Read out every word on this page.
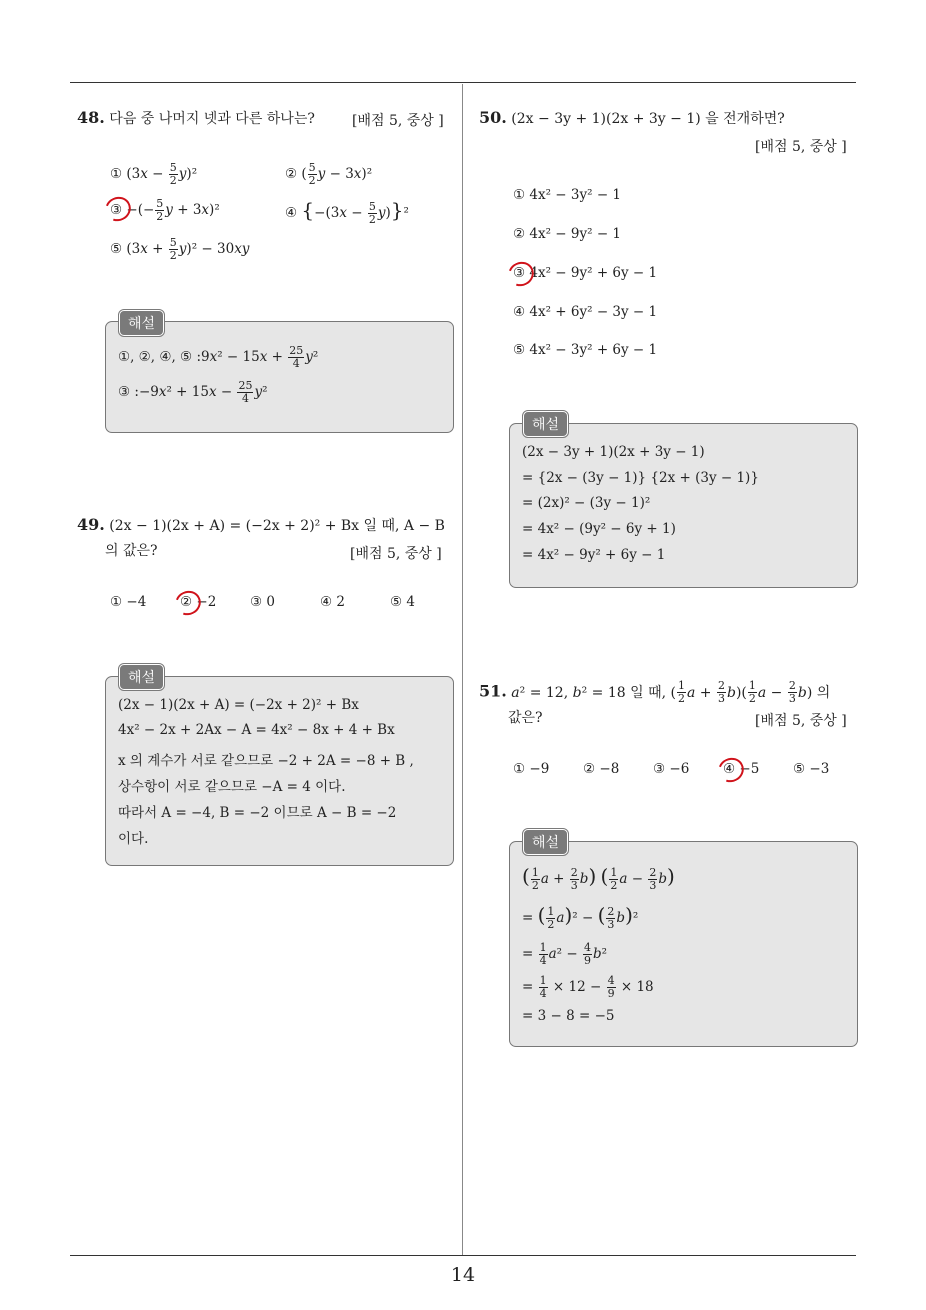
14
48. 다음 중 나머지 넷과 다른 하나는?	[배점 5, 중상 ]
① $(3x - \frac{5}{2} y)^2$	② ( $\frac{5}{2}$ y − 3x)²
③ −(− $\frac{5}{2}$ y + 3x)²	④ $\{-(3x - \frac{5}{2} y)\}^2$
⑤ $(3x + \frac{5}{2} y)^2 - 30xy$
해설
①, ②, ④, ⑤ :9x² − $15x + \frac{25}{4} y^2$
③ :−9x² + $15x - \frac{25}{4} y^2$
49. (2x − 1)(2x + A) = (−2x + 2)² + Bx 일 때, A − B
의 값은?	[배점 5, 중상 ]
① −4 ② −2 ③ 0	④ 2	⑤ 4
해설
(2x − 1)(2x + A) = (−2x + 2)² + Bx
4x² − 2x + 2Ax − A = 4x² − 8x + 4 + Bx
x 의 계수가 서로 같으므로 −2 + 2A = −8 + B ,
상수항이 서로 같으므로 −A = 4 이다.
따라서 A = −4, B = −2 이므로 A − B = −2
이다.
50. (2x − 3y + 1)(2x + 3y − 1) 을 전개하면?
[배점 5, 중상 ]
① 4x² − 3y² − 1
② 4x² − 9y² − 1
③ 4x² − 9y² + 6y − 1
④ 4x² + 6y² − 3y − 1
⑤ 4x² − 3y² + 6y − 1
해설
(2x − 3y + 1)(2x + 3y − 1)
= {2x − (3y − 1)} {2x + (3y − 1)}
= (2x)² − (3y − 1)²
= 4x² − (9y² − 6y + 1)
= 4x² − 9y² + 6y − 1
51. a² = 12, b² = 18 일 때, ( $\frac{1}{2}$ $a + \frac{2}{3} b)( \frac{1}{2}$ $a - \frac{2}{3} b$) 의
값은?	[배점 5, 중상 ]
① −9 ② −8 ③ −6 ④ −5 ⑤ −3
해설
( $\frac{1}{2}$ $a + \frac{2}{3} b$) ( $\frac{1}{2}$ $a - \frac{2}{3} b$)
= ( $\frac{1}{2} a)^2$ − ( $\frac{2}{3} b)^2$
= $\frac{1}{4} a^2 - \frac{4}{9} b^2$
= $\frac{1}{4} \times 12 - \frac{4}{9} \times 18$
= 3 − 8 = −5
